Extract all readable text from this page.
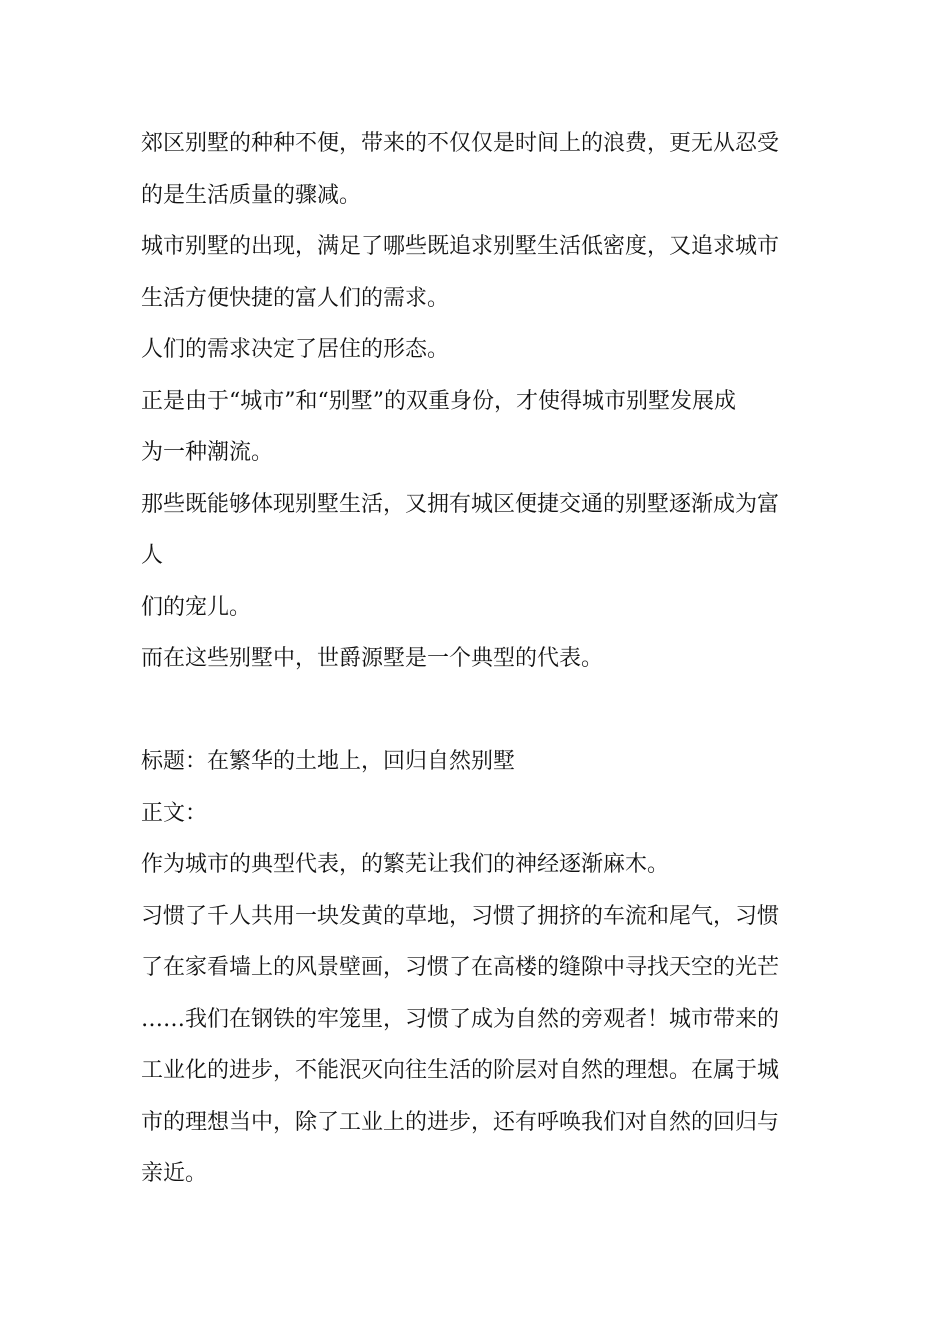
郊区别墅的种种不便，带来的不仅仅是时间上的浪费，更无从忍受
的是生活质量的骤减。
城市别墅的出现，满足了哪些既追求别墅生活低密度，又追求城市
生活方便快捷的富人们的需求。
人们的需求决定了居住的形态。
正是由于“城市”和“别墅”的双重身份，才使得城市别墅发展成
为一种潮流。
那些既能够体现别墅生活，又拥有城区便捷交通的别墅逐渐成为富
人
们的宠儿。
而在这些别墅中，世爵源墅是一个典型的代表。
标题：在繁华的土地上，回归自然别墅
正文：
作为城市的典型代表，的繁芜让我们的神经逐渐麻木。
习惯了千人共用一块发黄的草地，习惯了拥挤的车流和尾气，习惯
了在家看墙上的风景壁画，习惯了在高楼的缝隙中寻找天空的光芒
……我们在钢铁的牢笼里，习惯了成为自然的旁观者！城市带来的
工业化的进步，不能泯灭向往生活的阶层对自然的理想。在属于城
市的理想当中，除了工业上的进步，还有呼唤我们对自然的回归与
亲近。
